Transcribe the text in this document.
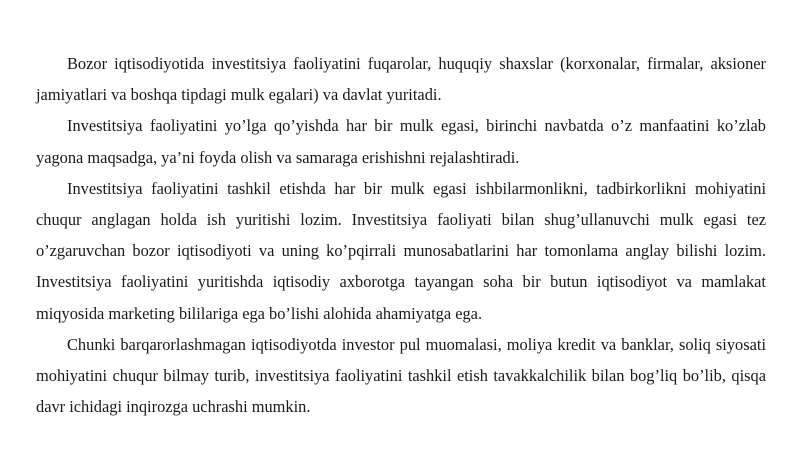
Bozor iqtisodiyotida investitsiya faoliyatini fuqarolar, huquqiy shaxslar (korxonalar, firmalar, aksioner jamiyatlari va boshqa tipdagi mulk egalari) va davlat yuritadi.

Investitsiya faoliyatini yo’lga qo’yishda har bir mulk egasi, birinchi navbatda o’z manfaatini ko’zlab yagona maqsadga, ya’ni foyda olish va samaraga erishishni rejalashtiradi.

Investitsiya faoliyatini tashkil etishda har bir mulk egasi ishbilarmonlikni, tadbirkorlikni mohiyatini chuqur anglagan holda ish yuritishi lozim. Investitsiya faoliyati bilan shug’ullanuvchi mulk egasi tez o’zgaruvchan bozor iqtisodiyoti va uning ko’pqirrali munosabatlarini har tomonlama anglay bilishi lozim. Investitsiya faoliyatini yuritishda iqtisodiy axborotga tayangan soha bir butun iqtisodiyot va mamlakat miqyosida marketing bililariga ega bo’lishi alohida ahamiyatga ega.

Chunki barqarorlashmagan iqtisodiyotda investor pul muomalasi, moliya kredit va banklar, soliq siyosati mohiyatini chuqur bilmay turib, investitsiya faoliyatini tashkil etish tavakkalchilik bilan bog’liq bo’lib, qisqa davr ichidagi inqirozga uchrashi mumkin.
